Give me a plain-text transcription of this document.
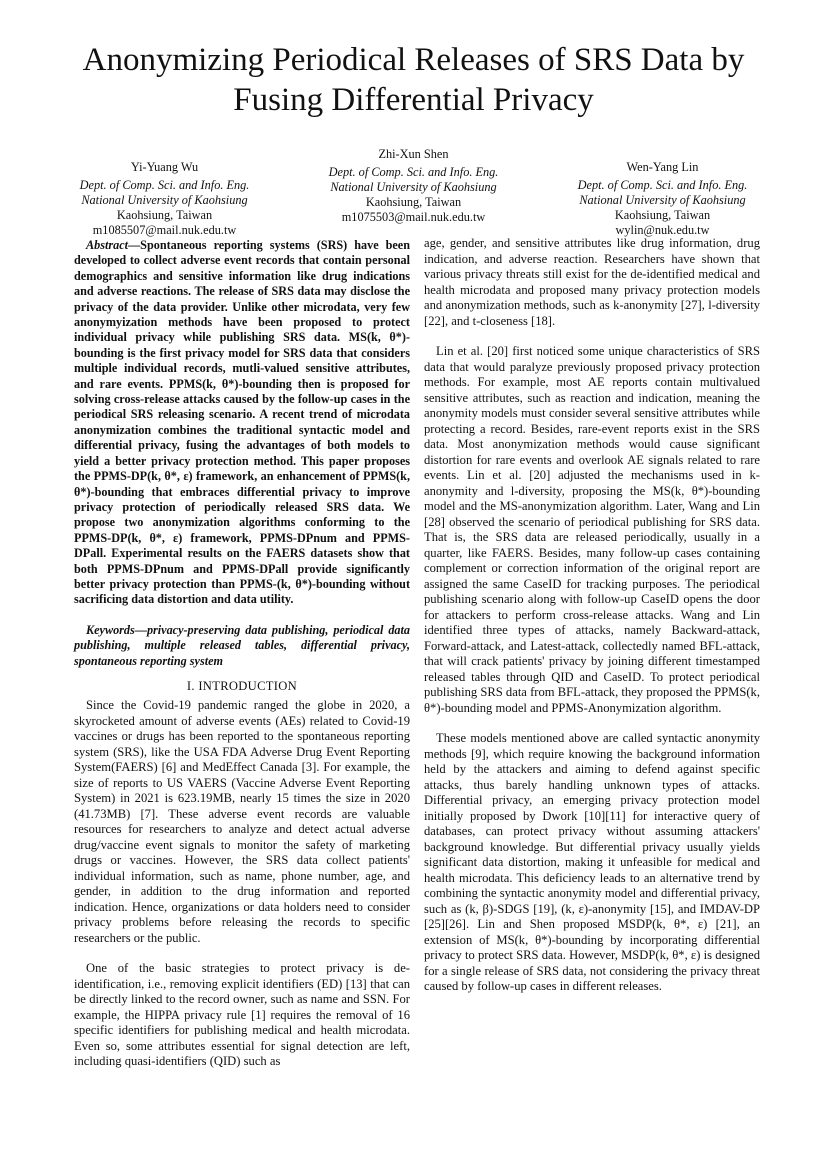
Anonymizing Periodical Releases of SRS Data by Fusing Differential Privacy
Yi-Yuang Wu
Dept. of Comp. Sci. and Info. Eng.
National University of Kaohsiung
Kaohsiung, Taiwan
m1085507@mail.nuk.edu.tw
Zhi-Xun Shen
Dept. of Comp. Sci. and Info. Eng.
National University of Kaohsiung
Kaohsiung, Taiwan
m1075503@mail.nuk.edu.tw
Wen-Yang Lin
Dept. of Comp. Sci. and Info. Eng.
National University of Kaohsiung
Kaohsiung, Taiwan
wylin@nuk.edu.tw

Abstract—Spontaneous reporting systems (SRS) have been developed to collect adverse event records that contain personal demographics and sensitive information like drug indications and adverse reactions. The release of SRS data may disclose the privacy of the data provider. Unlike other microdata, very few anonymyization methods have been proposed to protect individual privacy while publishing SRS data. MS(k, θ*)-bounding is the first privacy model for SRS data that considers multiple individual records, mutli-valued sensitive attributes, and rare events. PPMS(k, θ*)-bounding then is proposed for solving cross-release attacks caused by the follow-up cases in the periodical SRS releasing scenario. A recent trend of microdata anonymization combines the traditional syntactic model and differential privacy, fusing the advantages of both models to yield a better privacy protection method. This paper proposes the PPMS-DP(k, θ*, ε) framework, an enhancement of PPMS(k, θ*)-bounding that embraces differential privacy to improve privacy protection of periodically released SRS data. We propose two anonymization algorithms conforming to the PPMS-DP(k, θ*, ε) framework, PPMS-DPnum and PPMS-DPall. Experimental results on the FAERS datasets show that both PPMS-DPnum and PPMS-DPall provide significantly better privacy protection than PPMS-(k, θ*)-bounding without sacrificing data distortion and data utility.

Keywords—privacy-preserving data publishing, periodical data publishing, multiple released tables, differential privacy, spontaneous reporting system

I. INTRODUCTION

Since the Covid-19 pandemic ranged the globe in 2020, a skyrocketed amount of adverse events (AEs) related to Covid-19 vaccines or drugs has been reported to the spontaneous reporting system (SRS), like the USA FDA Adverse Drug Event Reporting System(FAERS) [6] and MedEffect Canada [3]. For example, the size of reports to US VAERS (Vaccine Adverse Event Reporting System) in 2021 is 623.19MB, nearly 15 times the size in 2020 (41.73MB) [7]. These adverse event records are valuable resources for researchers to analyze and detect actual adverse drug/vaccine event signals to monitor the safety of marketing drugs or vaccines. However, the SRS data collect patients' individual information, such as name, phone number, age, and gender, in addition to the drug information and reported indication. Hence, organizations or data holders need to consider privacy problems before releasing the records to specific researchers or the public.

One of the basic strategies to protect privacy is de-identification, i.e., removing explicit identifiers (ED) [13] that can be directly linked to the record owner, such as name and SSN. For example, the HIPPA privacy rule [1] requires the removal of 16 specific identifiers for publishing medical and health microdata. Even so, some attributes essential for signal detection are left, including quasi-identifiers (QID) such as

age, gender, and sensitive attributes like drug information, drug indication, and adverse reaction. Researchers have shown that various privacy threats still exist for the de-identified medical and health microdata and proposed many privacy protection models and anonymization methods, such as k-anonymity [27], l-diversity [22], and t-closeness [18].

Lin et al. [20] first noticed some unique characteristics of SRS data that would paralyze previously proposed privacy protection methods. For example, most AE reports contain multivalued sensitive attributes, such as reaction and indication, meaning the anonymity models must consider several sensitive attributes while protecting a record. Besides, rare-event reports exist in the SRS data. Most anonymization methods would cause significant distortion for rare events and overlook AE signals related to rare events. Lin et al. [20] adjusted the mechanisms used in k-anonymity and l-diversity, proposing the MS(k, θ*)-bounding model and the MS-anonymization algorithm. Later, Wang and Lin [28] observed the scenario of periodical publishing for SRS data. That is, the SRS data are released periodically, usually in a quarter, like FAERS. Besides, many follow-up cases containing complement or correction information of the original report are assigned the same CaseID for tracking purposes. The periodical publishing scenario along with follow-up CaseID opens the door for attackers to perform cross-release attacks. Wang and Lin identified three types of attacks, namely Backward-attack, Forward-attack, and Latest-attack, collectedly named BFL-attack, that will crack patients' privacy by joining different timestamped released tables through QID and CaseID. To protect periodical publishing SRS data from BFL-attack, they proposed the PPMS(k, θ*)-bounding model and PPMS-Anonymization algorithm.

These models mentioned above are called syntactic anonymity methods [9], which require knowing the background information held by the attackers and aiming to defend against specific attacks, thus barely handling unknown types of attacks. Differential privacy, an emerging privacy protection model initially proposed by Dwork [10][11] for interactive query of databases, can protect privacy without assuming attackers' background knowledge. But differential privacy usually yields significant data distortion, making it unfeasible for medical and health microdata. This deficiency leads to an alternative trend by combining the syntactic anonymity model and differential privacy, such as (k, β)-SDGS [19], (k, ε)-anonymity [15], and IMDAV-DP [25][26]. Lin and Shen proposed MSDP(k, θ*, ε) [21], an extension of MS(k, θ*)-bounding by incorporating differential privacy to protect SRS data. However, MSDP(k, θ*, ε) is designed for a single release of SRS data, not considering the privacy threat caused by follow-up cases in different releases.
